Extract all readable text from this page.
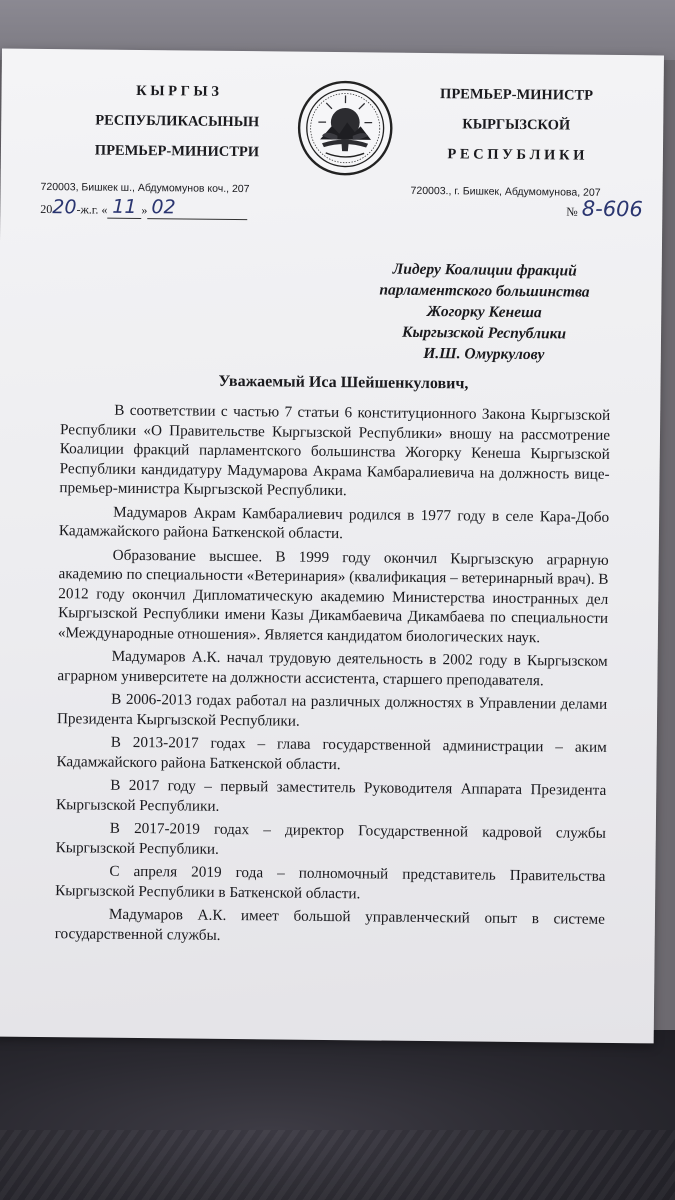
К Ы Р Г Ы З
РЕСПУБЛИКАСЫНЫН
ПРЕМЬЕР-МИНИСТРИ
ПРЕМЬЕР-МИНИСТР
КЫРГЫЗСКОЙ
Р Е С П У Б Л И К И
720003, Бишкек ш., Абдумомунов коч., 207	720003., г. Бишкек, Абдумомунова, 207
2020-ж.г. « 11 » 02	№ 8-606
Лидеру Коалиции фракций
парламентского большинства
Жогорку Кенеша
Кыргызской Республики
И.Ш. Омуркулову
Уважаемый Иса Шейшенкулович,

В соответствии с частью 7 статьи 6 конституционного Закона Кыргызской Республики «О Правительстве Кыргызской Республики» вношу на рассмотрение Коалиции фракций парламентского большинства Жогорку Кенеша Кыргызской Республики кандидатуру Мадумарова Акрама Камбаралиевича на должность вице-премьер-министра Кыргызской Республики.

Мадумаров Акрам Камбаралиевич родился в 1977 году в селе Кара-Добо Кадамжайского района Баткенской области.

Образование высшее. В 1999 году окончил Кыргызскую аграрную академию по специальности «Ветеринария» (квалификация – ветеринарный врач). В 2012 году окончил Дипломатическую академию Министерства иностранных дел Кыргызской Республики имени Казы Дикамбаевича Дикамбаева по специальности «Международные отношения». Является кандидатом биологических наук.

Мадумаров А.К. начал трудовую деятельность в 2002 году в Кыргызском аграрном университете на должности ассистента, старшего преподавателя.

В 2006-2013 годах работал на различных должностях в Управлении делами Президента Кыргызской Республики.

В 2013-2017 годах – глава государственной администрации – аким Кадамжайского района Баткенской области.

В 2017 году – первый заместитель Руководителя Аппарата Президента Кыргызской Республики.

В 2017-2019 годах – директор Государственной кадровой службы Кыргызской Республики.

С апреля 2019 года – полномочный представитель Правительства Кыргызской Республики в Баткенской области.

Мадумаров А.К. имеет большой управленческий опыт в системе государственной службы.
